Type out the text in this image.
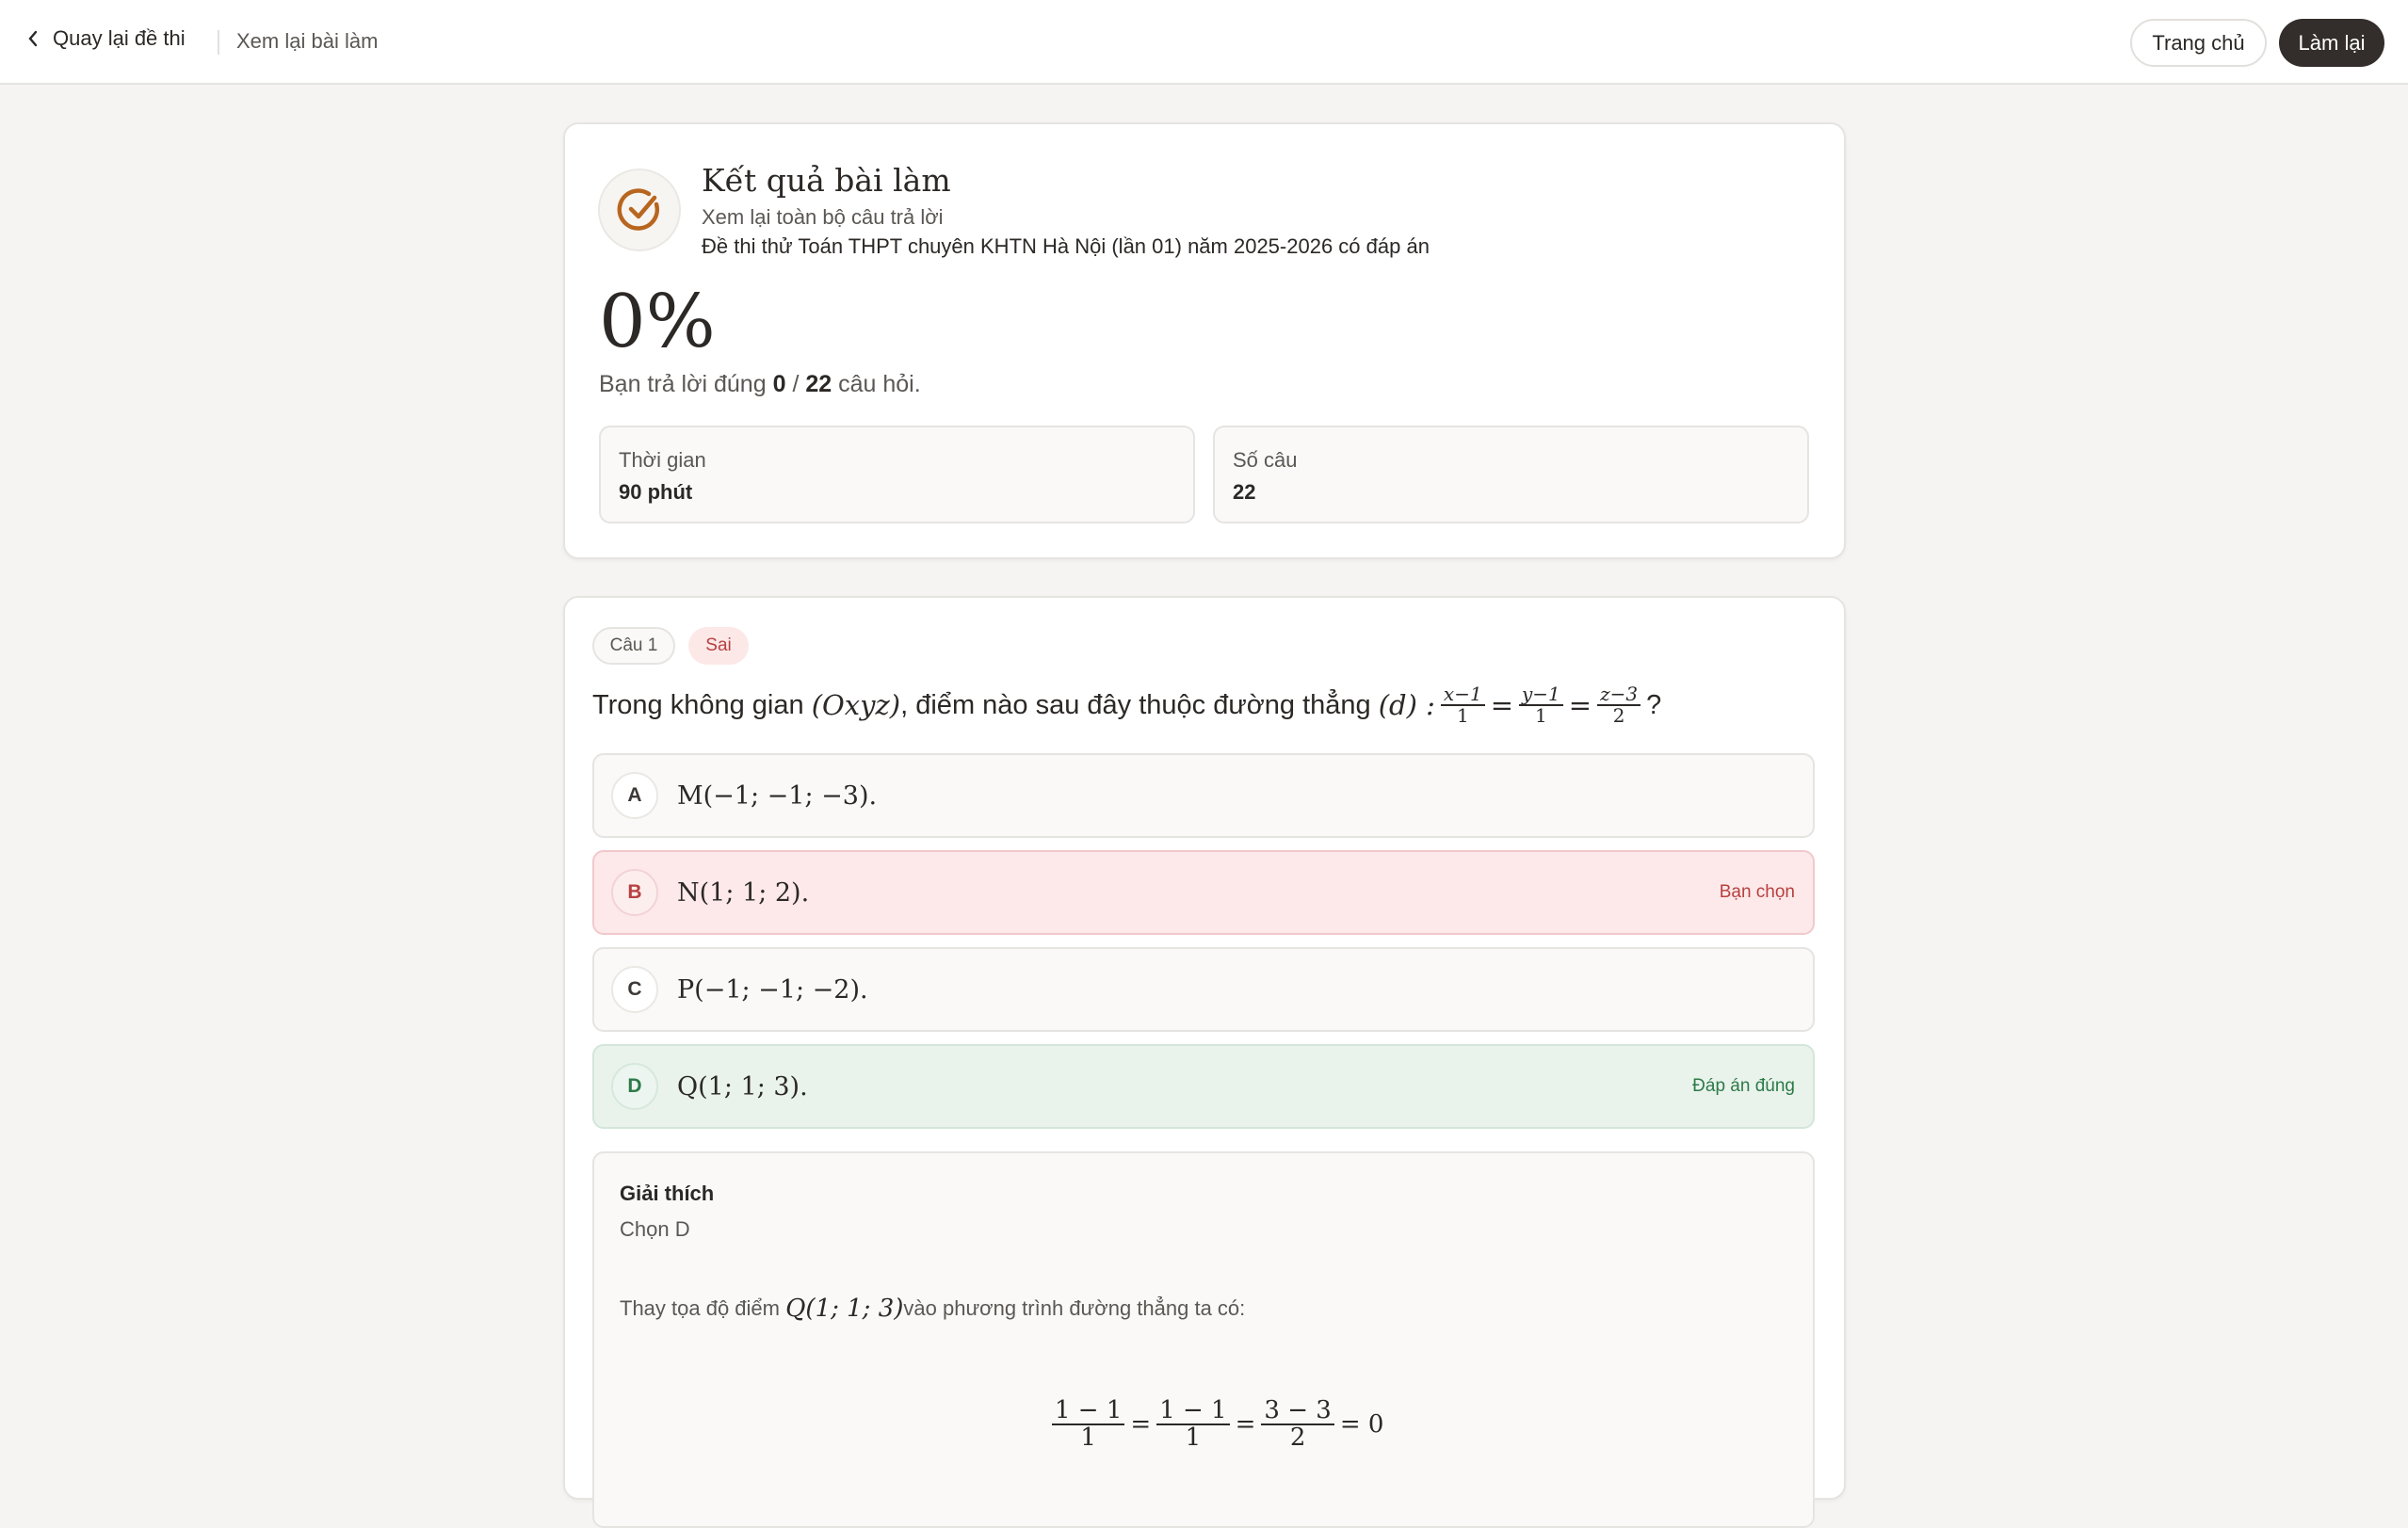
Quay lại đề thi Xem lại bài làm	Trang chủ	Làm lại
Kết quả bài làm
Xem lại toàn bộ câu trả lời
Đề thi thử Toán THPT chuyên KHTN Hà Nội (lần 01) năm 2025-2026 có đáp án
0%
Bạn trả lời đúng 0 / 22 câu hỏi.
Thời gian
90 phút
Số câu
22
Câu 1	Sai
Trong không gian
(Oxyz) , điểm nào sau đây thuộc đường thẳng
(d) : $\frac{x-1}{1} = \frac{y-1}{1} = \frac{z-3}{2}$ ?
A	M(−1; −1; −3).
B	N(1; 1; 2).	Bạn chọn
C	P(−1; −1; −2).
D	Q(1; 1; 3).	Đáp án đúng
Giải thích
Chọn D
Thay tọa độ điểm
Q(1; 1; 3) vào phương trình đường thẳng ta có:
$\frac{1 - 1}{1} = \frac{1 - 1}{1} = \frac{3 - 3}{2}$ =
0
